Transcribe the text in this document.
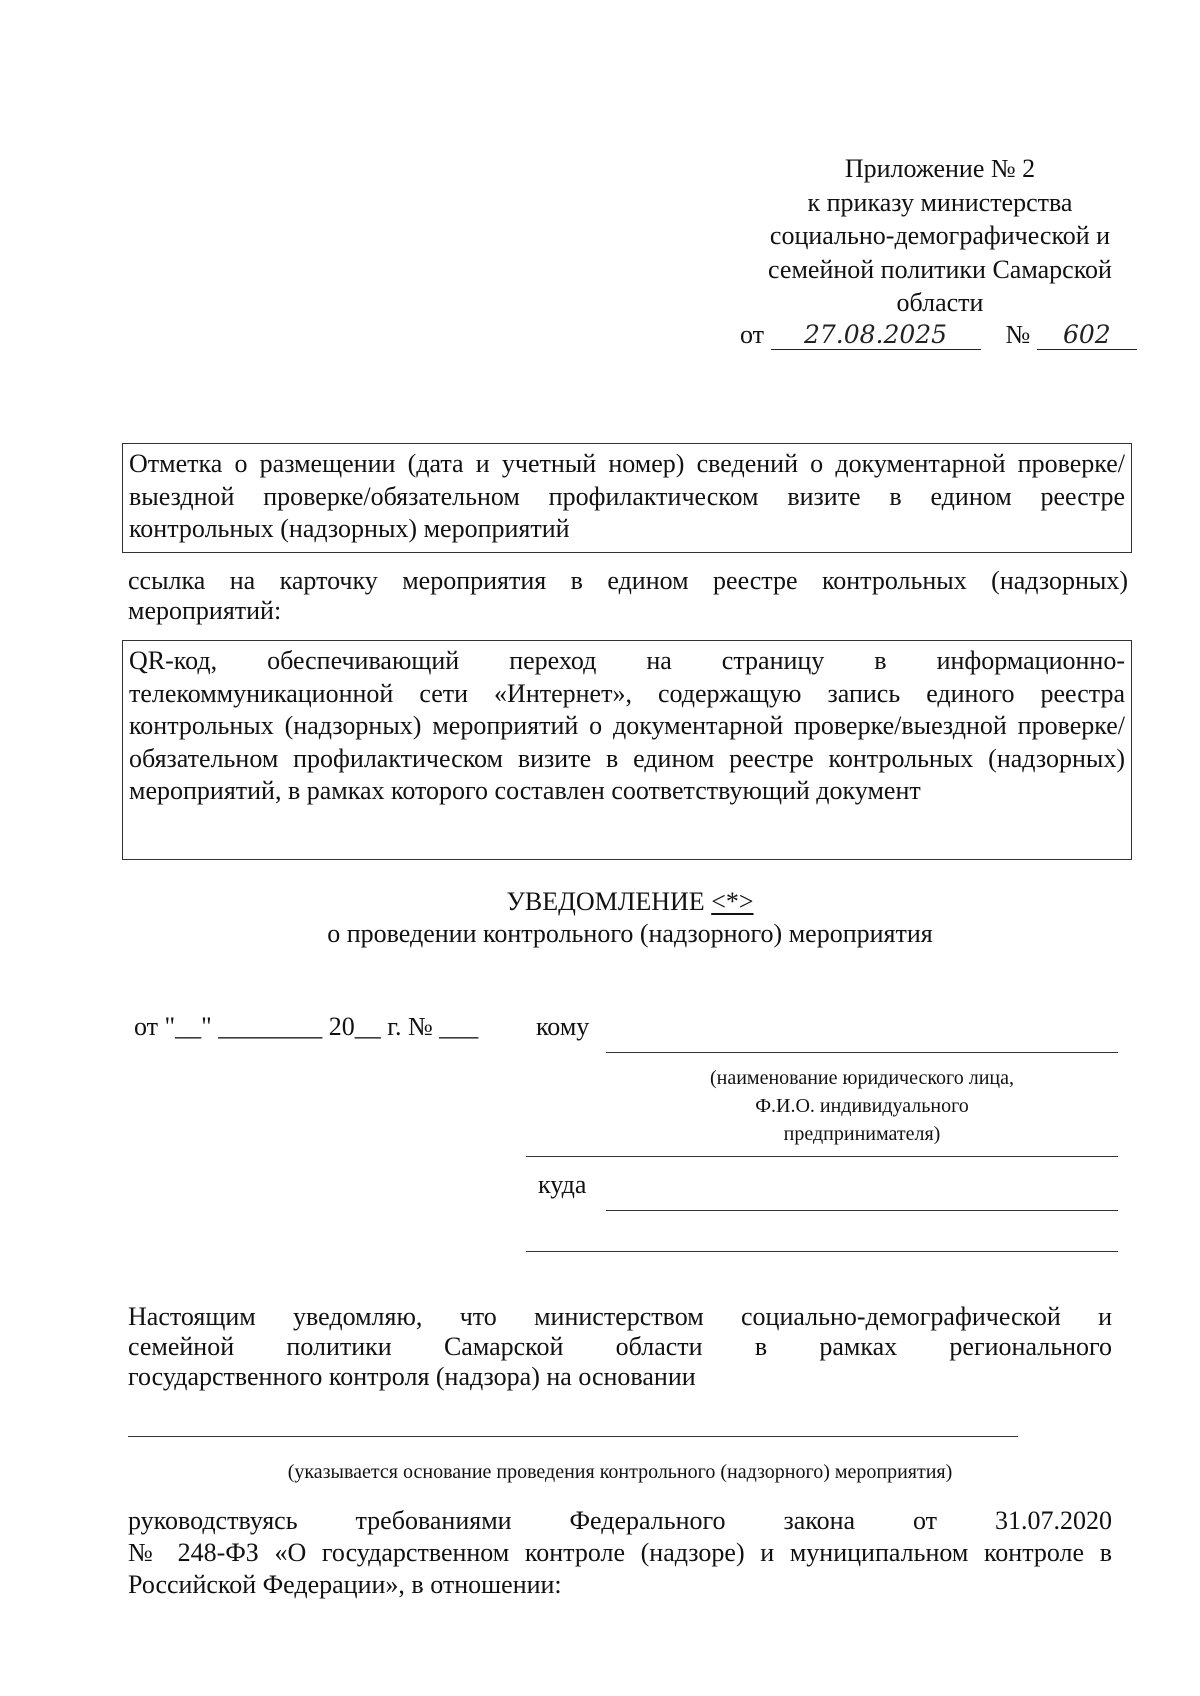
Приложение № 2
к приказу министерства
социально-демографической и
семейной политики Самарской
области
от 27.08.2025 № 602
Отметка о размещении (дата и учетный номер) сведений о документарной проверке/выездной проверке/обязательном профилактическом визите в едином реестре контрольных (надзорных) мероприятий
ссылка на карточку мероприятия в едином реестре контрольных (надзорных) мероприятий:
QR-код, обеспечивающий переход на страницу в информационно-телекоммуникационной сети «Интернет», содержащую запись единого реестра контрольных (надзорных) мероприятий о документарной проверке/выездной проверке/обязательном профилактическом визите в едином реестре контрольных (надзорных) мероприятий, в рамках которого составлен соответствующий документ
УВЕДОМЛЕНИЕ <*>
о проведении контрольного (надзорного) мероприятия
от "__" ________ 20__ г. № ___ кому
(наименование юридического лица,
Ф.И.О. индивидуального
предпринимателя)
куда
Настоящим уведомляю, что министерством социально-демографической и
семейной политики Самарской области в рамках регионального
государственного контроля (надзора) на основании
(указывается основание проведения контрольного (надзорного) мероприятия)
руководствуясь требованиями Федерального закона от 31.07.2020
№ 248-ФЗ «О государственном контроле (надзоре) и муниципальном контроле в
Российской Федерации», в отношении:
